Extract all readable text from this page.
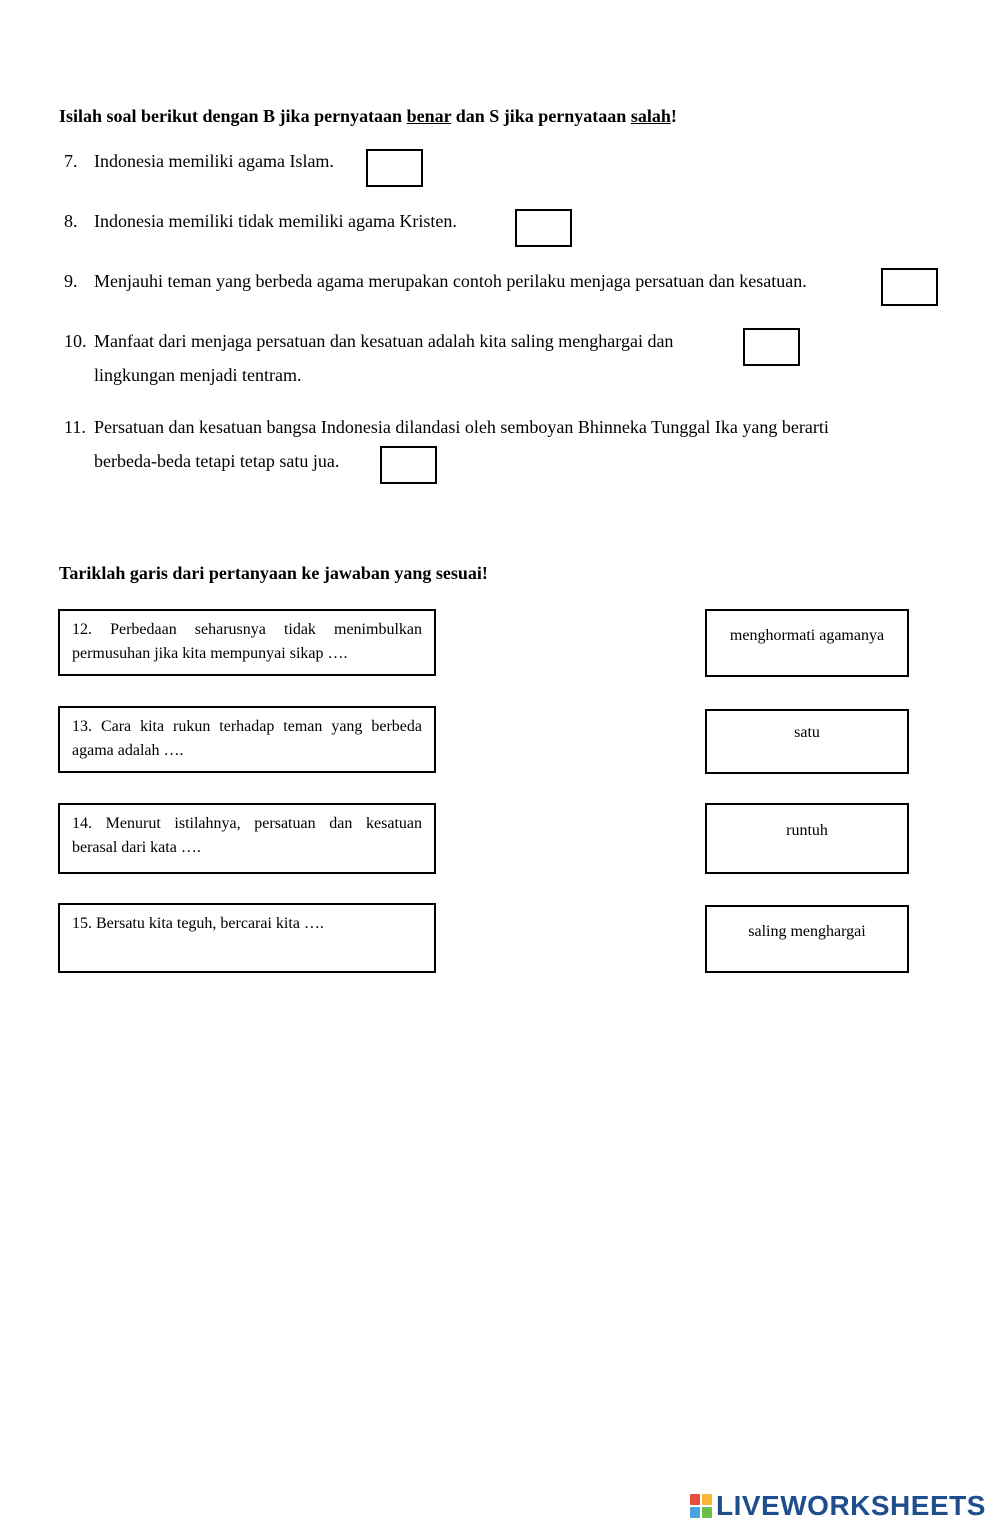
Isilah soal berikut dengan B jika pernyataan benar dan S jika pernyataan salah!
7. Indonesia memiliki agama Islam.
8. Indonesia memiliki tidak memiliki agama Kristen.
9. Menjauhi teman yang berbeda agama merupakan contoh perilaku menjaga persatuan dan kesatuan.
10. Manfaat dari menjaga persatuan dan kesatuan adalah kita saling menghargai dan
lingkungan menjadi tentram.
11. Persatuan dan kesatuan bangsa Indonesia dilandasi oleh semboyan Bhinneka Tunggal Ika yang berarti
berbeda-beda tetapi tetap satu jua.
Tariklah garis dari pertanyaan ke jawaban yang sesuai!
12. Perbedaan seharusnya tidak menimbulkan permusuhan jika kita mempunyai sikap ….
13. Cara kita rukun terhadap teman yang berbeda agama adalah ….
14. Menurut istilahnya, persatuan dan kesatuan berasal dari kata ….
15. Bersatu kita teguh, bercarai kita ….
menghormati agamanya
satu
runtuh
saling menghargai
LIVEWORKSHEETS
